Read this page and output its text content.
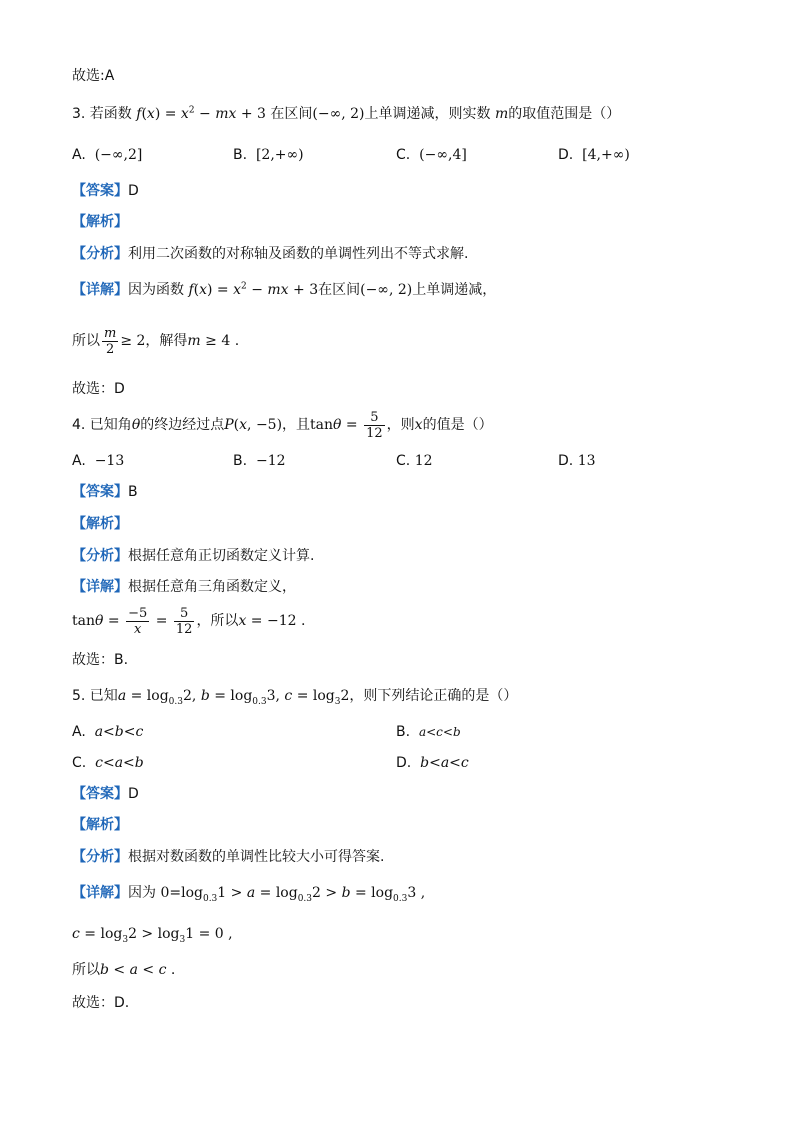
故选:A
3. 若函数 $f(x) = x^2$ − mx + 3 在区间(−∞, 2)上单调递减，则实数 m的取值范围是（）
A. (−∞,2]	B. [2,+∞)	C. (−∞,4]	D. [4,+∞)
【答案】D
【解析】
【分析】利用二次函数的对称轴及函数的单调性列出不等式求解.
【详解】因为函数 $f(x) = x^2$ − mx + 3在区间(−∞, 2)上单调递减，
所以 $\frac{m}{2} \ge 2$，解得m ≥ 4 .
故选：D
4. 已知角θ的终边经过点P(x, −5)，且$\tan\theta = \frac{5}{12}$ ，则x的值是（）
A. −13	B. −12	C. 12	D. 13
【答案】B
【解析】
【分析】根据任意角正切函数定义计算.
【详解】根据任意角三角函数定义，
$\tan\theta = \frac{-5}{x} = \frac{5}{12}$ ，所以x = −12 .
故选：B.
5. 已知$a = \log_{0.3}2$, $b = \log_{0.3}3$, $c = \log_32$，则下列结论正确的是（）
A. a<b<c	B. a<c<b
C. c<a<b	D. b<a<c
【答案】D
【解析】
【分析】根据对数函数的单调性比较大小可得答案.
【详解】因为 $0=\log_{0.3}1 > a = \log_{0.3}2 > b = \log_{0.3}3$ ,
$c = \log_32 > \log_31 = 0$ ,
所以b < a < c .
故选：D.
